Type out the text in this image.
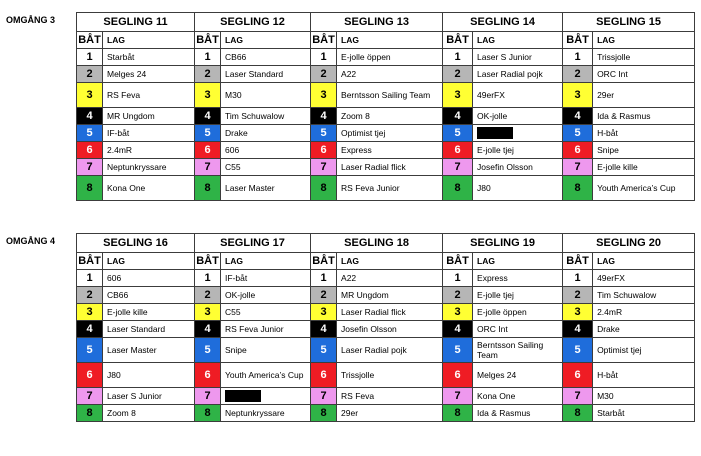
OMGÅNG 3	SEGLING 11		SEGLING 12		SEGLING 13		SEGLING 14		SEGLING 15	
BÅT	LAG	BÅT	LAG	BÅT	LAG	BÅT	LAG	BÅT	LAG
1	Starbåt	1	CB66	1	E-jolle öppen	1	Laser S Junior	1	Trissjolle
2	Melges 24	2	Laser Standard	2	A22	2	Laser Radial pojk	2	ORC Int
3	RS Feva	3	M30	3	Berntsson Sailing Team	3	49erFX	3	29er
4	MR Ungdom	4	Tim Schuwalow	4	Zoom 8	4	OK-jolle	4	Ida & Rasmus
5	IF-båt	5	Drake	5	Optimist tjej	5		5	H-båt
6	2.4mR	6	606	6	Express	6	E-jolle tjej	6	Snipe
7	Neptunkryssare	7	C55	7	Laser Radial flick	7	Josefin Olsson	7	E-jolle kille
8	Kona One	8	Laser Master	8	RS Feva Junior	8	J80	8	Youth America’s Cup
OMGÅNG 4	SEGLING 16		SEGLING 17		SEGLING 18		SEGLING 19		SEGLING 20	
BÅT	LAG	BÅT	LAG	BÅT	LAG	BÅT	LAG	BÅT	LAG
1	606	1	IF-båt	1	A22	1	Express	1	49erFX
2	CB66	2	OK-jolle	2	MR Ungdom	2	E-jolle tjej	2	Tim Schuwalow
3	E-jolle kille	3	C55	3	Laser Radial flick	3	E-jolle öppen	3	2.4mR
4	Laser Standard	4	RS Feva Junior	4	Josefin Olsson	4	ORC Int	4	Drake
5	Laser Master	5	Snipe	5	Laser Radial pojk	5	Berntsson Sailing Team	5	Optimist tjej
6	J80	6	Youth America’s Cup	6	Trissjolle	6	Melges 24	6	H-båt
7	Laser S Junior	7		7	RS Feva	7	Kona One	7	M30
8	Zoom 8	8	Neptunkryssare	8	29er	8	Ida & Rasmus	8	Starbåt
